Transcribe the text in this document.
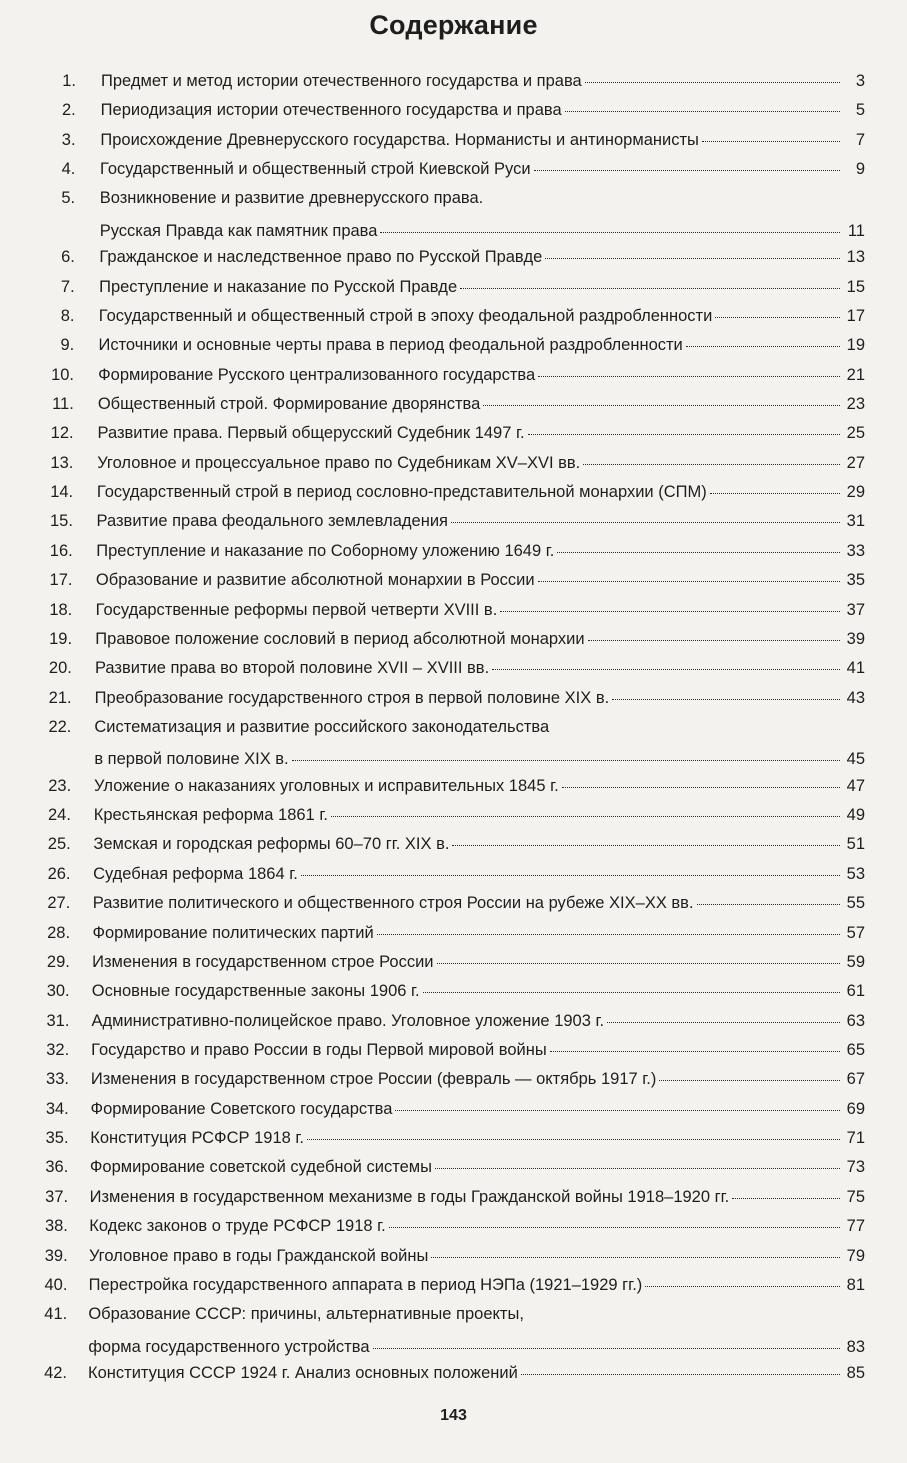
Содержание
1. Предмет и метод истории отечественного государства и права	3
2. Периодизация истории отечественного государства и права	5
3. Происхождение Древнерусского государства. Норманисты и антинорманисты	7
4. Государственный и общественный строй Киевской Руси	9
5. Возникновение и развитие древнерусского права.
Русская Правда как памятник права	11
6. Гражданское и наследственное право по Русской Правде	13
7. Преступление и наказание по Русской Правде	15
8. Государственный и общественный строй в эпоху феодальной раздробленности	17
9. Источники и основные черты права в период феодальной раздробленности	19
10. Формирование Русского централизованного государства	21
11. Общественный строй. Формирование дворянства	23
12. Развитие права. Первый общерусский Судебник 1497 г.	25
13. Уголовное и процессуальное право по Судебникам XV–XVI вв.	27
14. Государственный строй в период сословно-представительной монархии (СПМ)	29
15. Развитие права феодального землевладения	31
16. Преступление и наказание по Соборному уложению 1649 г.	33
17. Образование и развитие абсолютной монархии в России	35
18. Государственные реформы первой четверти XVIII в.	37
19. Правовое положение сословий в период абсолютной монархии	39
20. Развитие права во второй половине XVII – XVIII вв.	41
21. Преобразование государственного строя в первой половине XIX в.	43
22. Систематизация и развитие российского законодательства
в первой половине XIX в.	45
23. Уложение о наказаниях уголовных и исправительных 1845 г.	47
24. Крестьянская реформа 1861 г.	49
25. Земская и городская реформы 60–70 гг. XIX в.	51
26. Судебная реформа 1864 г.	53
27. Развитие политического и общественного строя России на рубеже XIX–XX вв.	55
28. Формирование политических партий	57
29. Изменения в государственном строе России	59
30. Основные государственные законы 1906 г.	61
31. Административно-полицейское право. Уголовное уложение 1903 г.	63
32. Государство и право России в годы Первой мировой войны	65
33. Изменения в государственном строе России (февраль — октябрь 1917 г.)	67
34. Формирование Советского государства	69
35. Конституция РСФСР 1918 г.	71
36. Формирование советской судебной системы	73
37. Изменения в государственном механизме в годы Гражданской войны 1918–1920 гг.	75
38. Кодекс законов о труде РСФСР 1918 г.	77
39. Уголовное право в годы Гражданской войны	79
40. Перестройка государственного аппарата в период НЭПа (1921–1929 гг.)	81
41. Образование СССР: причины, альтернативные проекты,
форма государственного устройства	83
42. Конституция СССР 1924 г. Анализ основных положений	85
143
